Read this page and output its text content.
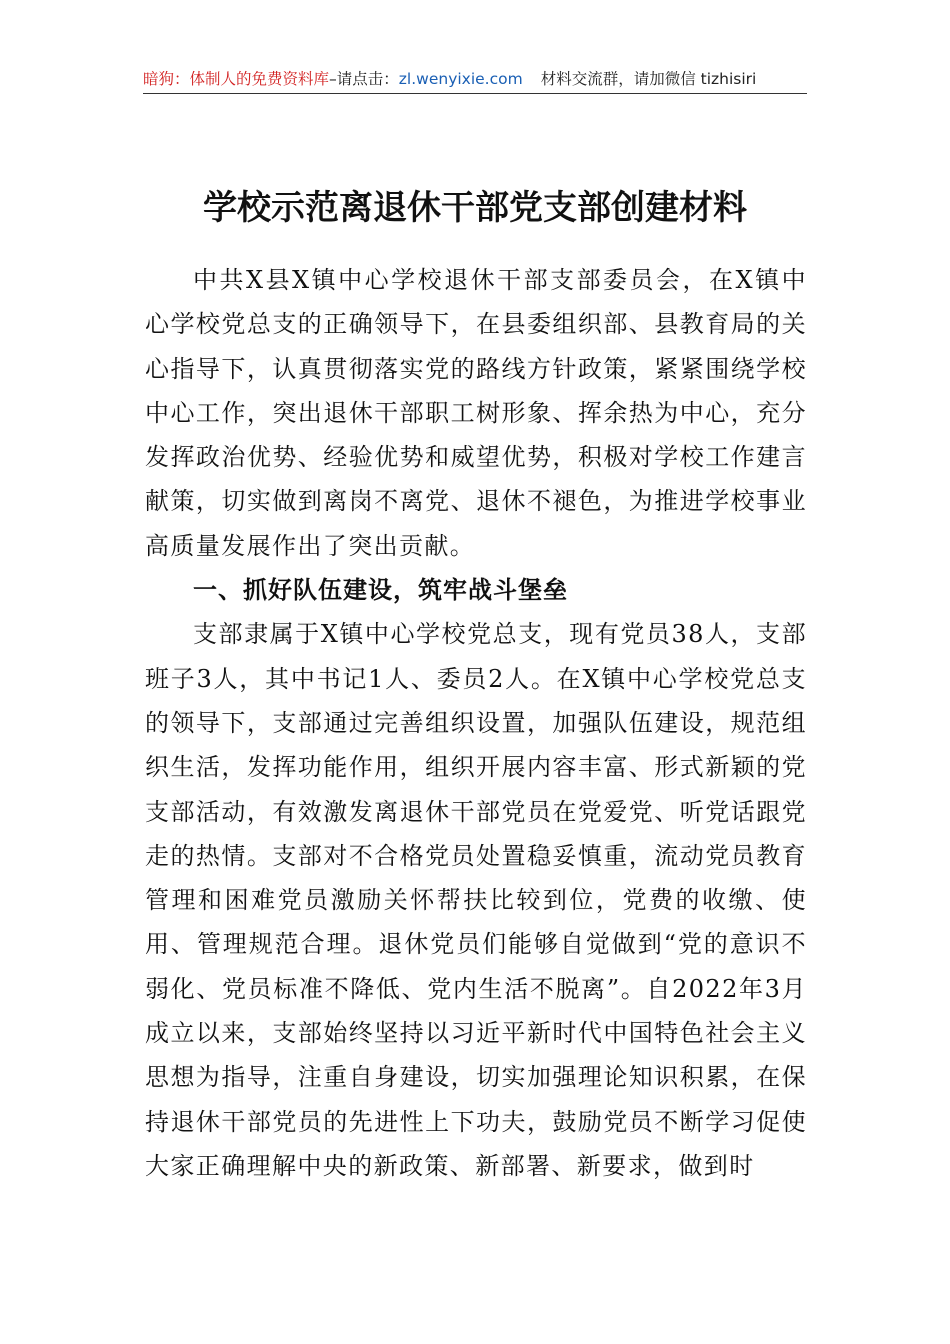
暗狗：体制人的免费资料库–请点击：zl.wenyixie.com 材料交流群，请加微信 tizhisiri
学校示范离退休干部党支部创建材料

中共X县X镇中心学校退休干部支部委员会，在X镇中心学校党总支的正确领导下，在县委组织部、县教育局的关心指导下，认真贯彻落实党的路线方针政策，紧紧围绕学校中心工作，突出退休干部职工树形象、挥余热为中心，充分发挥政治优势、经验优势和威望优势，积极对学校工作建言献策，切实做到离岗不离党、退休不褪色，为推进学校事业高质量发展作出了突出贡献。

一、抓好队伍建设，筑牢战斗堡垒

支部隶属于X镇中心学校党总支，现有党员38人，支部班子3人，其中书记1人、委员2人。在X镇中心学校党总支的领导下，支部通过完善组织设置，加强队伍建设，规范组织生活，发挥功能作用，组织开展内容丰富、形式新颖的党支部活动，有效激发离退休干部党员在党爱党、听党话跟党走的热情。支部对不合格党员处置稳妥慎重，流动党员教育管理和困难党员激励关怀帮扶比较到位，党费的收缴、使用、管理规范合理。退休党员们能够自觉做到“党的意识不弱化、党员标准不降低、党内生活不脱离”。自2022年3月成立以来，支部始终坚持以习近平新时代中国特色社会主义思想为指导，注重自身建设，切实加强理论知识积累，在保持退休干部党员的先进性上下功夫，鼓励党员不断学习促使大家正确理解中央的新政策、新部署、新要求，做到时
